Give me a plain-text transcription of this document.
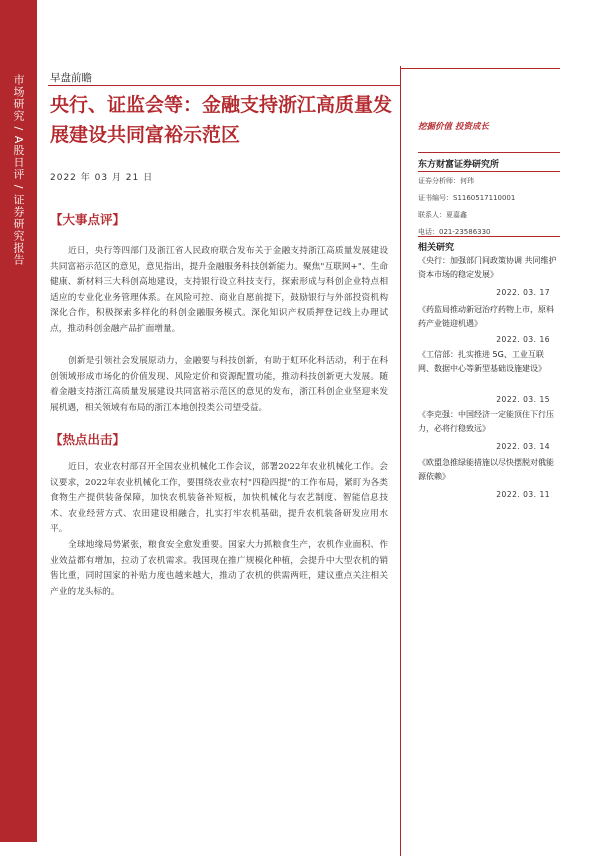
市场研究 / A股日评 / 证券研究报告	早盘前瞻
央行、证监会等：金融支持浙江高质量发展建设共同富裕示范区
2022 年 03 月 21 日
【大事点评】

近日，央行等四部门及浙江省人民政府联合发布关于金融支持浙江高质量发展建设共同富裕示范区的意见，意见指出，提升金融服务科技创新能力。聚焦"互联网+"、生命健康、新材料三大科创高地建设，支持银行设立科技支行，探索形成与科创企业特点相适应的专业化业务管理体系。在风险可控、商业自愿前提下，鼓励银行与外部投资机构深化合作，积极探索多样化的科创金融服务模式。深化知识产权质押登记线上办理试点，推动科创金融产品扩面增量。

创新是引领社会发展原动力，金融要与科技创新，有助于虹环化科活动，利于在科创领域形成市场化的价值发现、风险定价和资源配置功能，推动科技创新更大发展。随着金融支持浙江高质量发展建设共同富裕示范区的意见的发布，浙江科创企业坚迎来发展机遇，相关领域有布局的浙江本地创投类公司望受益。

【热点出击】

近日，农业农村部召开全国农业机械化工作会议，部署2022年农业机械化工作。会议要求，2022年农业机械化工作，要围绕农业农村"四稳四提"的工作布局，紧盯为各类食物生产提供装备保障，加快农机装备补短板，加快机械化与农艺制度、智能信息技术、农业经营方式、农田建设相融合，扎实打牢农机基础，提升农机装备研发应用水平。

全球地缘局势紧张，粮食安全愈发重要。国家大力抓粮食生产，农机作业面积、作业效益都有增加，拉动了农机需求。我国现在推广规模化种植，会提升中大型农机的销售比重，同时国家的补贴力度也越来越大，推动了农机的供需两旺，建议重点关注相关产业的龙头标的。

挖掘价值 投资成长
东方财富证券研究所
证券分析师：何玮
证书编号：S1160517110001
联系人：夏嘉鑫
电话：021-23586330
相关研究
《央行：加强部门间政策协调 共同维护资本市场的稳定发展》
2022. 03. 17
《药监局推动新冠治疗药物上市，原料药产业链迎机遇》
2022. 03. 16
《工信部：扎实推进 5G、工业互联网、数据中心等新型基础设施建设》
2022. 03. 15
《李克强：中国经济一定能顶住下行压力，必将行稳致远》
2022. 03. 14
《欧盟急推绿能措施以尽快摆脱对俄能源依赖》
2022. 03. 11
